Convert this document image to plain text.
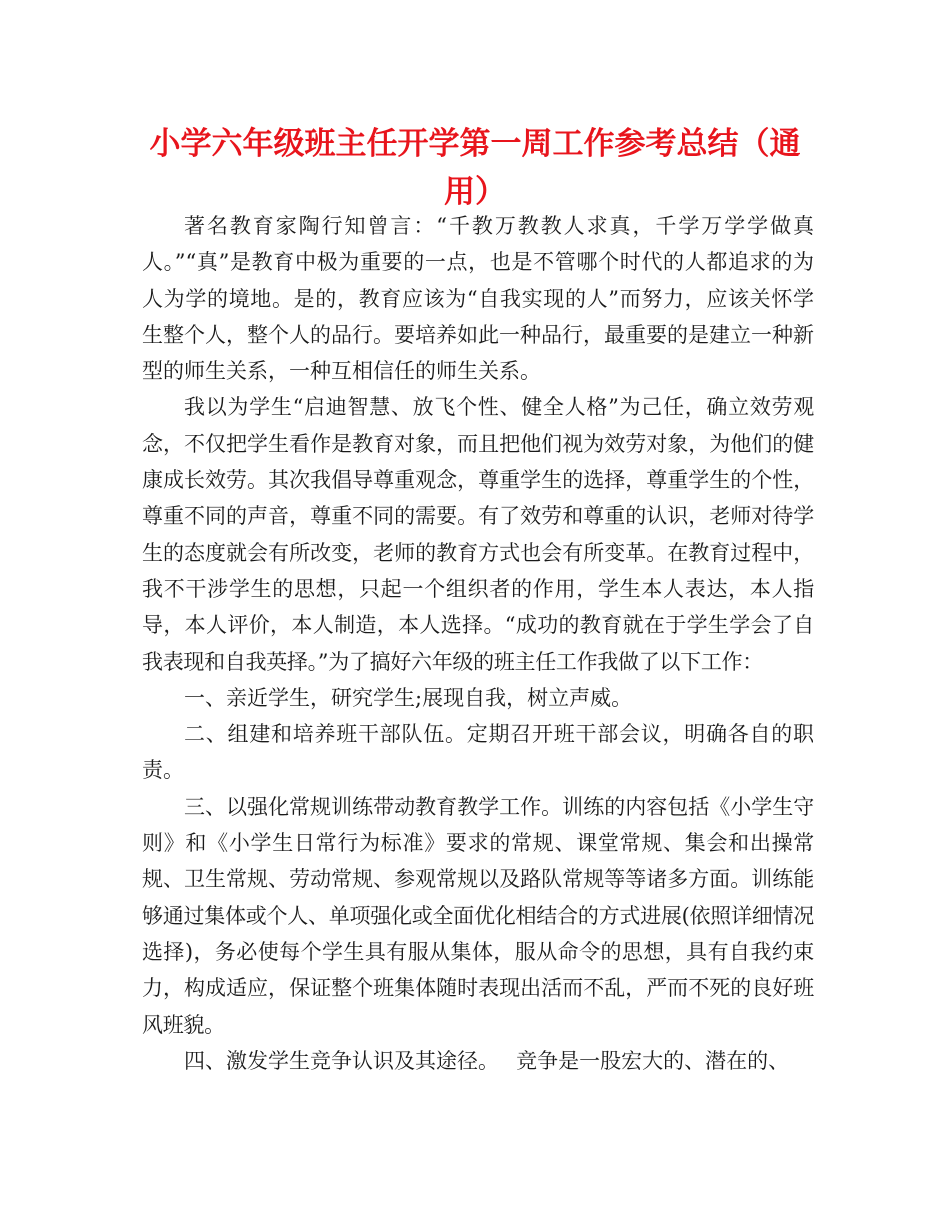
小学六年级班主任开学第一周工作参考总结（通用）

著名教育家陶行知曾言：“千教万教教人求真，千学万学学做真人。”“真”是教育中极为重要的一点，也是不管哪个时代的人都追求的为人为学的境地。是的，教育应该为“自我实现的人”而努力，应该关怀学生整个人，整个人的品行。要培养如此一种品行，最重要的是建立一种新型的师生关系，一种互相信任的师生关系。

我以为学生“启迪智慧、放飞个性、健全人格”为己任，确立效劳观念，不仅把学生看作是教育对象，而且把他们视为效劳对象，为他们的健康成长效劳。其次我倡导尊重观念，尊重学生的选择，尊重学生的个性，尊重不同的声音，尊重不同的需要。有了效劳和尊重的认识，老师对待学生的态度就会有所改变，老师的教育方式也会有所变革。在教育过程中，我不干涉学生的思想，只起一个组织者的作用，学生本人表达，本人指导，本人评价，本人制造，本人选择。“成功的教育就在于学生学会了自我表现和自我英择。”为了搞好六年级的班主任工作我做了以下工作：

一、亲近学生，研究学生;展现自我，树立声威。

二、组建和培养班干部队伍。定期召开班干部会议，明确各自的职责。

三、以强化常规训练带动教育教学工作。训练的内容包括《小学生守则》和《小学生日常行为标准》要求的常规、课堂常规、集会和出操常规、卫生常规、劳动常规、参观常规以及路队常规等等诸多方面。训练能够通过集体或个人、单项强化或全面优化相结合的方式进展(依照详细情况选择)，务必使每个学生具有服从集体，服从命令的思想，具有自我约束力，构成适应，保证整个班集体随时表现出活而不乱，严而不死的良好班风班貌。

四、激发学生竞争认识及其途径。　 竞争是一股宏大的、潜在的、
